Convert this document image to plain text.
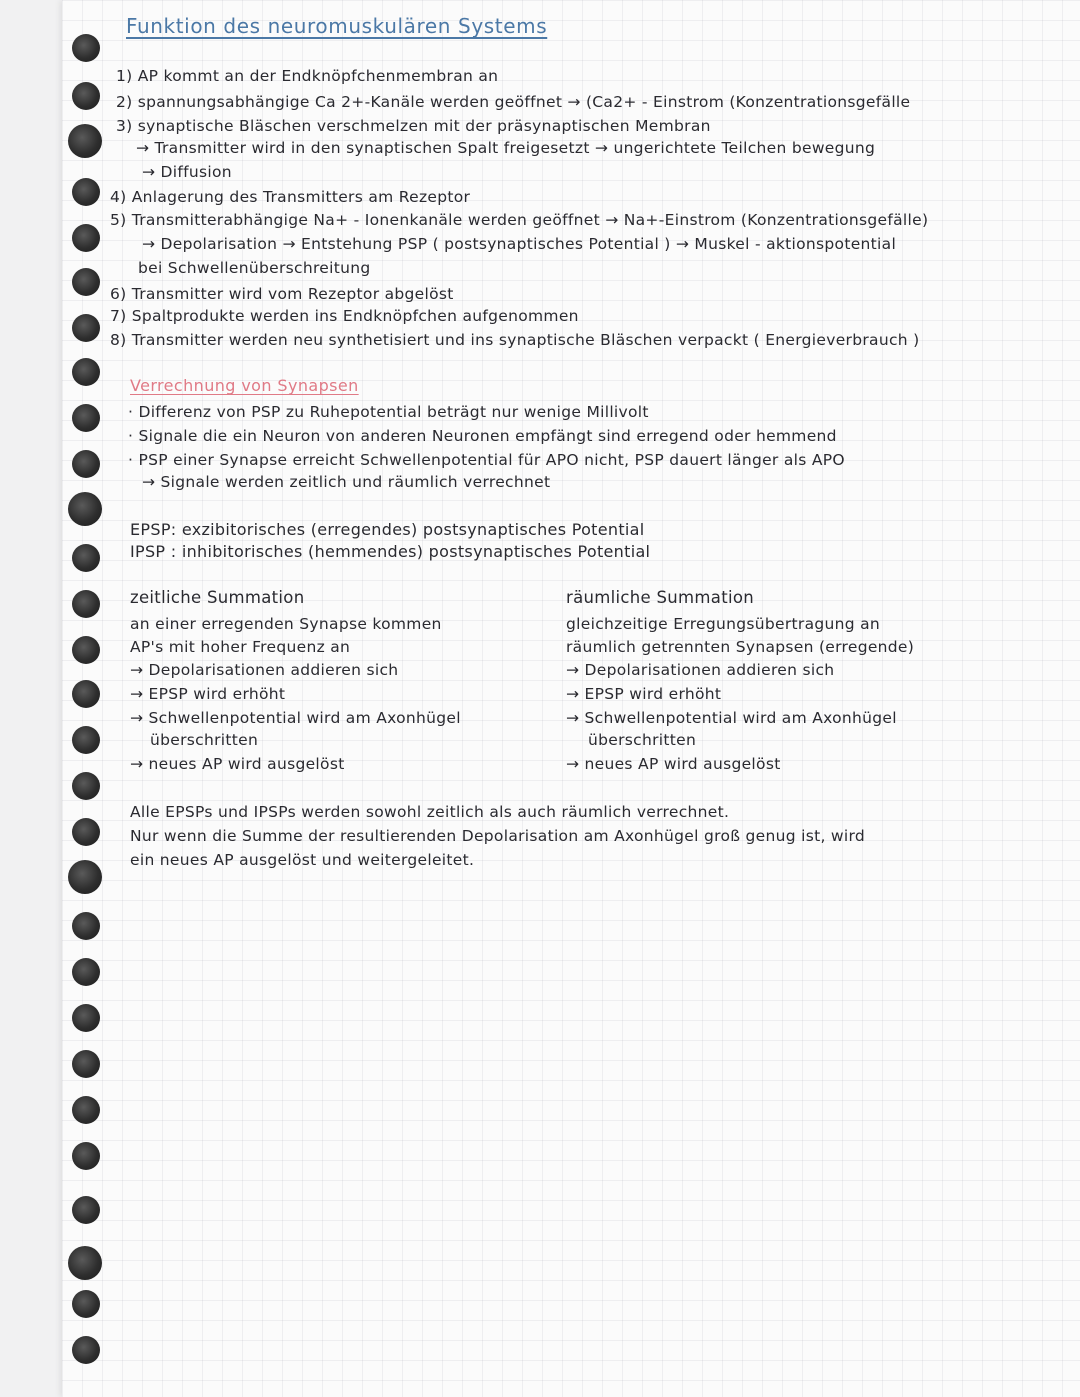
Funktion des neuromuskulären Systems
1) AP kommt an der Endknöpfchenmembran an
2) spannungsabhängige Ca 2+-Kanäle werden geöffnet → (Ca2+ - Einstrom (Konzentrationsgefälle
3) synaptische Bläschen verschmelzen mit der präsynaptischen Membran
→ Transmitter wird in den synaptischen Spalt freigesetzt → ungerichtete Teilchen bewegung
→ Diffusion
4) Anlagerung des Transmitters am Rezeptor
5) Transmitterabhängige Na+ - Ionenkanäle werden geöffnet → Na+-Einstrom (Konzentrationsgefälle)
→ Depolarisation → Entstehung PSP ( postsynaptisches Potential ) → Muskel - aktionspotential
bei Schwellenüberschreitung
6) Transmitter wird vom Rezeptor abgelöst
7) Spaltprodukte werden ins Endknöpfchen aufgenommen
8) Transmitter werden neu synthetisiert und ins synaptische Bläschen verpackt ( Energieverbrauch )
Verrechnung von Synapsen
· Differenz von PSP zu Ruhepotential beträgt nur wenige Millivolt
· Signale die ein Neuron von anderen Neuronen empfängt sind erregend oder hemmend
· PSP einer Synapse erreicht Schwellenpotential für APO nicht, PSP dauert länger als APO
→ Signale werden zeitlich und räumlich verrechnet
EPSP: exzibitorisches (erregendes) postsynaptisches Potential
IPSP : inhibitorisches (hemmendes) postsynaptisches Potential
zeitliche Summation
an einer erregenden Synapse kommen
AP's mit hoher Frequenz an
→ Depolarisationen addieren sich
→ EPSP wird erhöht
→ Schwellenpotential wird am Axonhügel
überschritten
→ neues AP wird ausgelöst
räumliche Summation
gleichzeitige Erregungsübertragung an
räumlich getrennten Synapsen (erregende)
→ Depolarisationen addieren sich
→ EPSP wird erhöht
→ Schwellenpotential wird am Axonhügel
überschritten
→ neues AP wird ausgelöst
Alle EPSPs und IPSPs werden sowohl zeitlich als auch räumlich verrechnet.
Nur wenn die Summe der resultierenden Depolarisation am Axonhügel groß genug ist, wird
ein neues AP ausgelöst und weitergeleitet.
